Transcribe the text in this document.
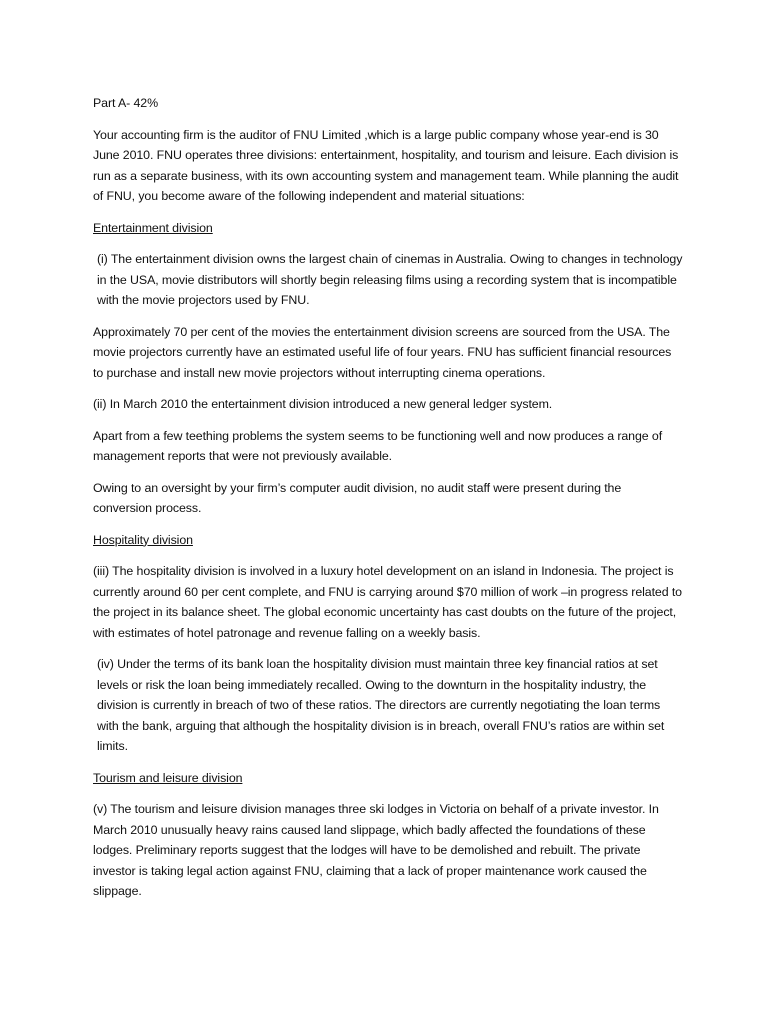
Part A- 42%

Your accounting firm is the auditor of FNU Limited ,which is a large public company whose year-end is 30 June 2010. FNU operates three divisions: entertainment, hospitality, and tourism and leisure. Each division is run as a separate business, with its own accounting system and management team. While planning the audit of FNU, you become aware of the following independent and material situations:

Entertainment division

(i) The entertainment division owns the largest chain of cinemas in Australia. Owing to changes in technology in the USA, movie distributors will shortly begin releasing films using a recording system that is incompatible with the movie projectors used by FNU.

Approximately 70 per cent of the movies the entertainment division screens are sourced from the USA. The movie projectors currently have an estimated useful life of four years. FNU has sufficient financial resources to purchase and install new movie projectors without interrupting cinema operations.

(ii) In March 2010 the entertainment division introduced a new general ledger system.

Apart from a few teething problems the system seems to be functioning well and now produces a range of management reports that were not previously available.

Owing to an oversight by your firm’s computer audit division, no audit staff were present during the conversion process.

Hospitality division

(iii) The hospitality division is involved in a luxury hotel development on an island in Indonesia. The project is currently around 60 per cent complete, and FNU is carrying around $70 million of work –in progress related to the project in its balance sheet. The global economic uncertainty has cast doubts on the future of the project, with estimates of hotel patronage and revenue falling on a weekly basis.

(iv) Under the terms of its bank loan the hospitality division must maintain three key financial ratios at set levels or risk the loan being immediately recalled. Owing to the downturn in the hospitality industry, the division is currently in breach of two of these ratios. The directors are currently negotiating the loan terms with the bank, arguing that although the hospitality division is in breach, overall FNU’s ratios are within set limits.

Tourism and leisure division

(v) The tourism and leisure division manages three ski lodges in Victoria on behalf of a private investor. In March 2010 unusually heavy rains caused land slippage, which badly affected the foundations of these lodges. Preliminary reports suggest that the lodges will have to be demolished and rebuilt. The private investor is taking legal action against FNU, claiming that a lack of proper maintenance work caused the slippage.
